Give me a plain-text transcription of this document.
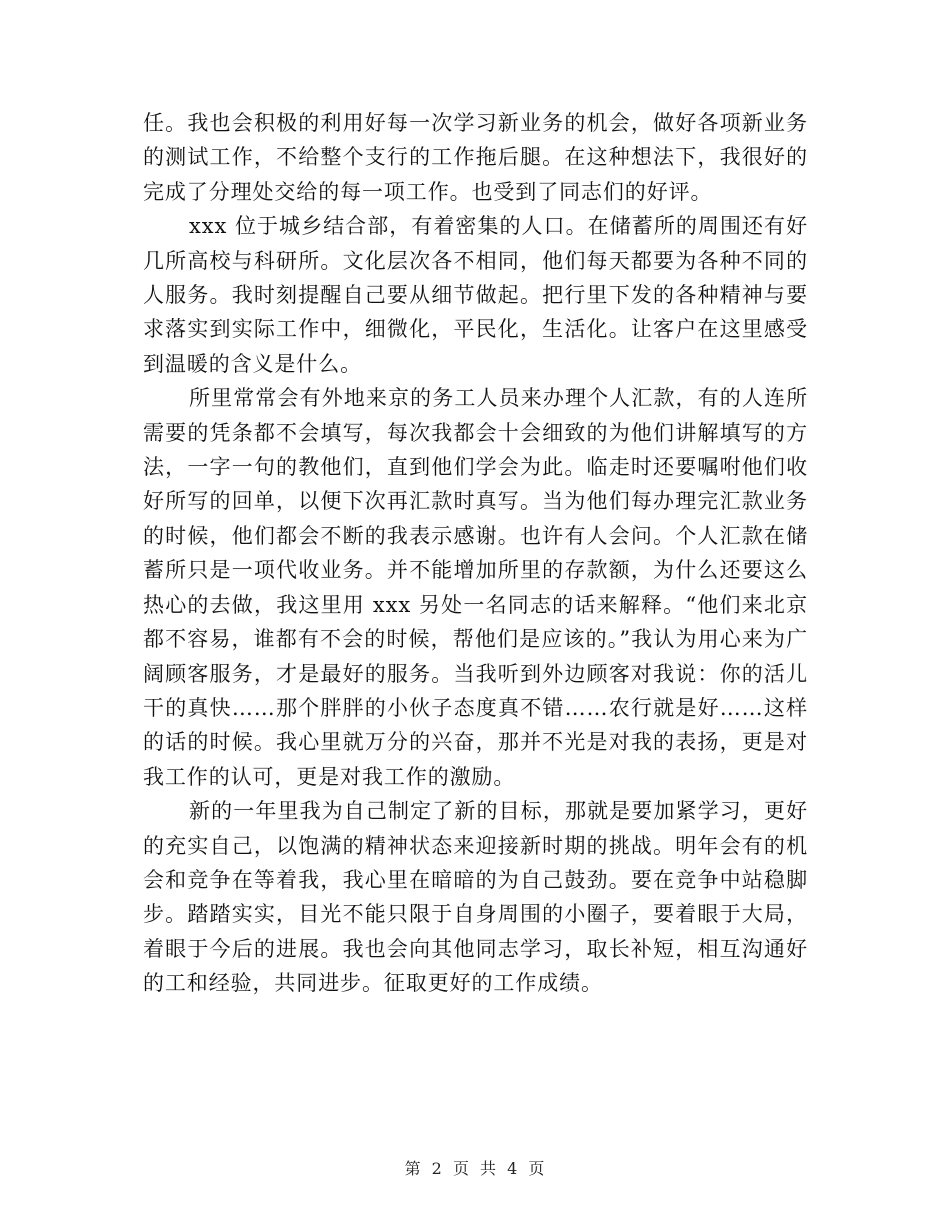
任。我也会积极的利用好每一次学习新业务的机会，做好各项新业务的测试工作，不给整个支行的工作拖后腿。在这种想法下，我很好的完成了分理处交给的每一项工作。也受到了同志们的好评。

xxx 位于城乡结合部，有着密集的人口。在储蓄所的周围还有好几所高校与科研所。文化层次各不相同，他们每天都要为各种不同的人服务。我时刻提醒自己要从细节做起。把行里下发的各种精神与要求落实到实际工作中，细微化，平民化，生活化。让客户在这里感受到温暖的含义是什么。

所里常常会有外地来京的务工人员来办理个人汇款，有的人连所需要的凭条都不会填写，每次我都会十会细致的为他们讲解填写的方法，一字一句的教他们，直到他们学会为此。临走时还要嘱咐他们收好所写的回单，以便下次再汇款时真写。当为他们每办理完汇款业务的时候，他们都会不断的我表示感谢。也许有人会问。个人汇款在储蓄所只是一项代收业务。并不能增加所里的存款额，为什么还要这么热心的去做，我这里用 xxx 另处一名同志的话来解释。“他们来北京都不容易，谁都有不会的时候，帮他们是应该的。”我认为用心来为广阔顾客服务，才是最好的服务。当我听到外边顾客对我说：你的活儿干的真快……那个胖胖的小伙子态度真不错……农行就是好……这样的话的时候。我心里就万分的兴奋，那并不光是对我的表扬，更是对我工作的认可，更是对我工作的激励。

新的一年里我为自己制定了新的目标，那就是要加紧学习，更好的充实自己，以饱满的精神状态来迎接新时期的挑战。明年会有的机会和竞争在等着我，我心里在暗暗的为自己鼓劲。要在竞争中站稳脚步。踏踏实实，目光不能只限于自身周围的小圈子，要着眼于大局，着眼于今后的进展。我也会向其他同志学习，取长补短，相互沟通好的工和经验，共同进步。征取更好的工作成绩。

第 2 页 共 4 页
